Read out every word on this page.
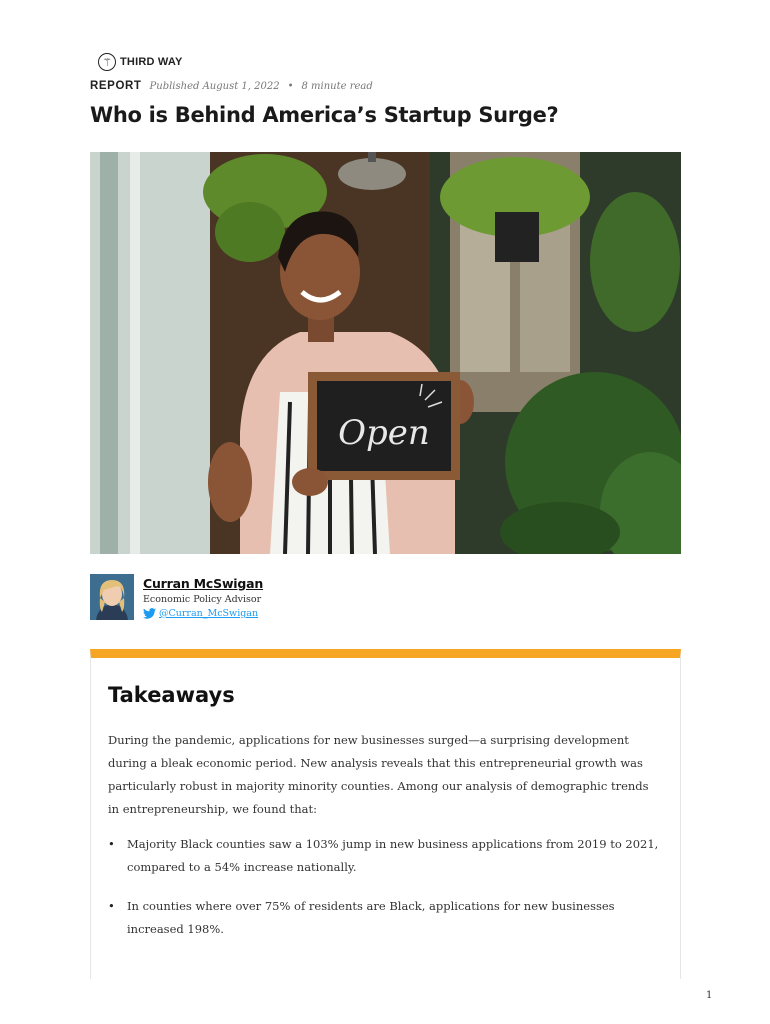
⚚ THIRD WAY
REPORT Published August 1, 2022 • 8 minute read
Who is Behind America’s Startup Surge?
Open
Curran McSwigan
Economic Policy Advisor
@Curran_McSwigan
Takeaways

During the pandemic, applications for new businesses surged—a surprising development during a bleak economic period. New analysis reveals that this entrepreneurial growth was particularly robust in majority minority counties. Among our analysis of demographic trends in entrepreneurship, we found that:

• Majority Black counties saw a 103% jump in new business applications from 2019 to 2021, compared to a 54% increase nationally.
• In counties where over 75% of residents are Black, applications for new businesses increased 198%.
1
